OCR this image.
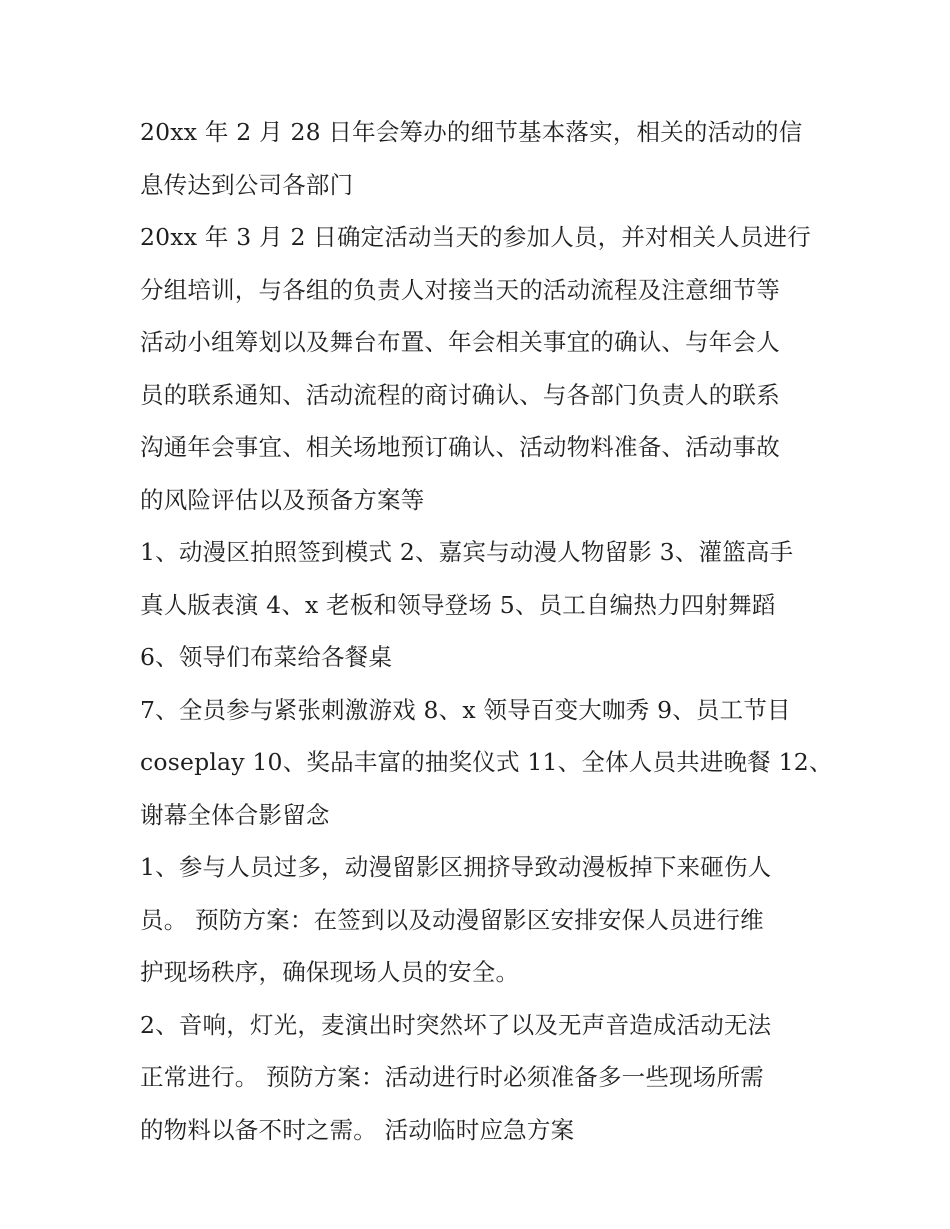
20xx 年 2 月 28 日年会筹办的细节基本落实，相关的活动的信
息传达到公司各部门
20xx 年 3 月 2 日确定活动当天的参加人员，并对相关人员进行
分组培训，与各组的负责人对接当天的活动流程及注意细节等
活动小组筹划以及舞台布置、年会相关事宜的确认、与年会人
员的联系通知、活动流程的商讨确认、与各部门负责人的联系
沟通年会事宜、相关场地预订确认、活动物料准备、活动事故
的风险评估以及预备方案等
1、动漫区拍照签到模式 2、嘉宾与动漫人物留影 3、灌篮高手
真人版表演 4、x 老板和领导登场 5、员工自编热力四射舞蹈
6、领导们布菜给各餐桌
7、全员参与紧张刺激游戏 8、x 领导百变大咖秀 9、员工节目
coseplay 10、奖品丰富的抽奖仪式 11、全体人员共进晚餐 12、
谢幕全体合影留念
1、参与人员过多，动漫留影区拥挤导致动漫板掉下来砸伤人
员。 预防方案：在签到以及动漫留影区安排安保人员进行维
护现场秩序，确保现场人员的安全。
2、音响，灯光，麦演出时突然坏了以及无声音造成活动无法
正常进行。 预防方案：活动进行时必须准备多一些现场所需
的物料以备不时之需。 活动临时应急方案
